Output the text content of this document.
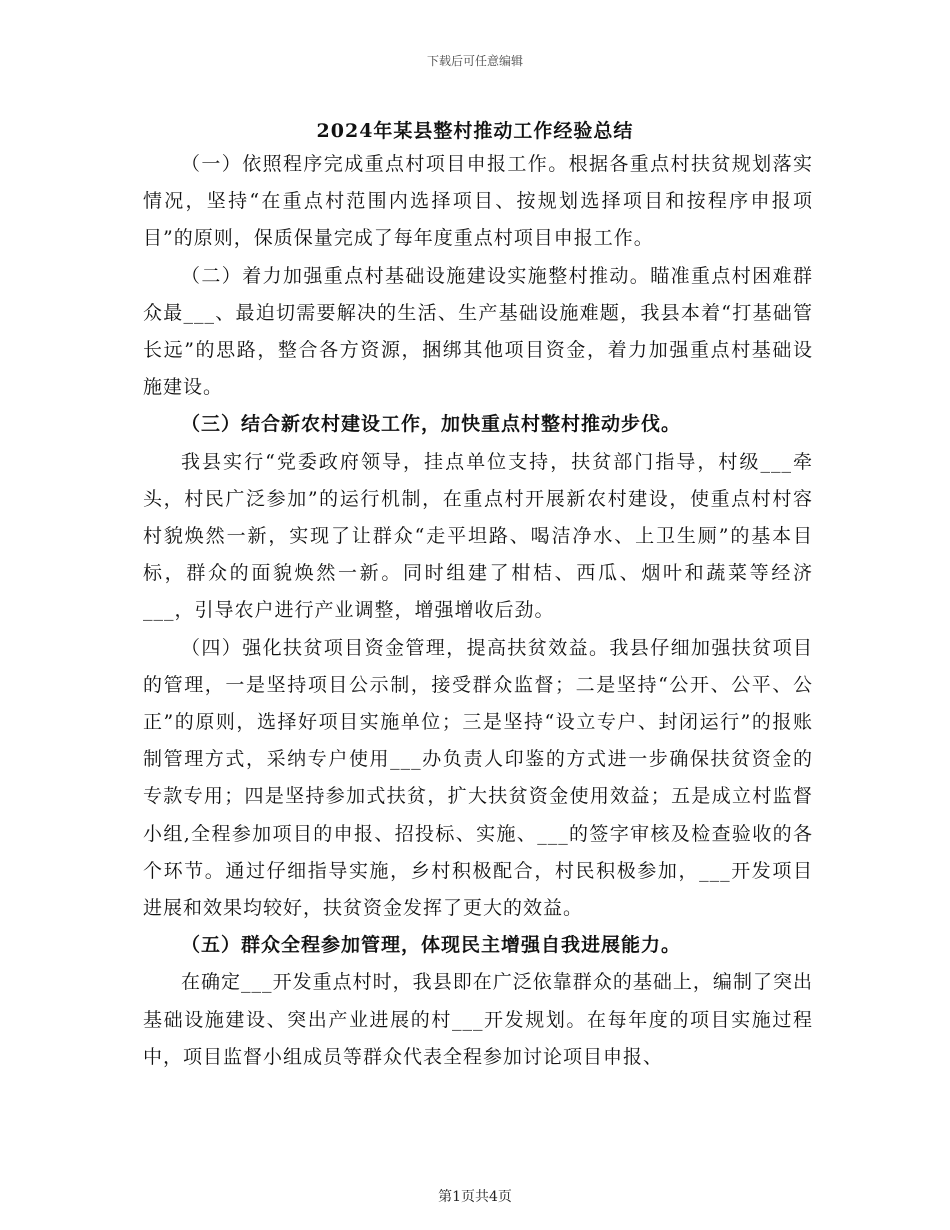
下载后可任意编辑
2024年某县整村推动工作经验总结

（一）依照程序完成重点村项目申报工作。根据各重点村扶贫规划落实情况，坚持“在重点村范围内选择项目、按规划选择项目和按程序申报项目”的原则，保质保量完成了每年度重点村项目申报工作。

（二）着力加强重点村基础设施建设实施整村推动。瞄准重点村困难群众最___、最迫切需要解决的生活、生产基础设施难题，我县本着“打基础管长远”的思路，整合各方资源，捆绑其他项目资金，着力加强重点村基础设施建设。

（三）结合新农村建设工作，加快重点村整村推动步伐。

我县实行“党委政府领导，挂点单位支持，扶贫部门指导，村级___牵头，村民广泛参加”的运行机制，在重点村开展新农村建设，使重点村村容村貌焕然一新，实现了让群众“走平坦路、喝洁净水、上卫生厕”的基本目标，群众的面貌焕然一新。同时组建了柑桔、西瓜、烟叶和蔬菜等经济___，引导农户进行产业调整，增强增收后劲。

（四）强化扶贫项目资金管理，提高扶贫效益。我县仔细加强扶贫项目的管理，一是坚持项目公示制，接受群众监督；二是坚持“公开、公平、公正”的原则，选择好项目实施单位；三是坚持“设立专户、封闭运行”的报账制管理方式，采纳专户使用___办负责人印鉴的方式进一步确保扶贫资金的专款专用；四是坚持参加式扶贫，扩大扶贫资金使用效益；五是成立村监督小组,全程参加项目的申报、招投标、实施、___的签字审核及检查验收的各个环节。通过仔细指导实施，乡村积极配合，村民积极参加，___开发项目进展和效果均较好，扶贫资金发挥了更大的效益。

（五）群众全程参加管理，体现民主增强自我进展能力。

在确定___开发重点村时，我县即在广泛依靠群众的基础上，编制了突出基础设施建设、突出产业进展的村___开发规划。在每年度的项目实施过程中，项目监督小组成员等群众代表全程参加讨论项目申报、

第1页共4页
